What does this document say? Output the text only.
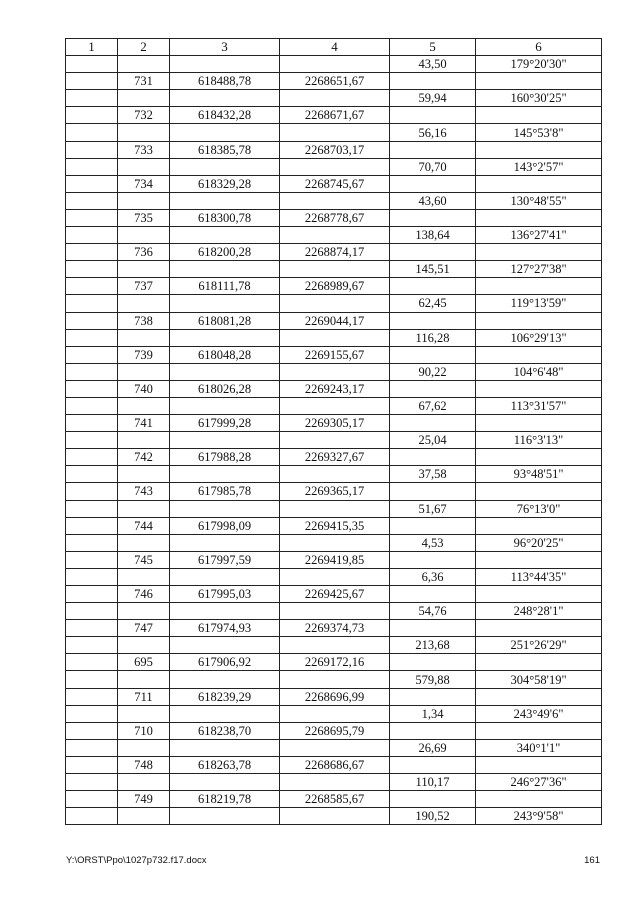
1	2	3	4	5	6
				43,50	179°20'30"
	731	618488,78	2268651,67		
				59,94	160°30'25"
	732	618432,28	2268671,67		
				56,16	145°53'8"
	733	618385,78	2268703,17		
				70,70	143°2'57"
	734	618329,28	2268745,67		
				43,60	130°48'55"
	735	618300,78	2268778,67		
				138,64	136°27'41"
	736	618200,28	2268874,17		
				145,51	127°27'38"
	737	618111,78	2268989,67		
				62,45	119°13'59"
	738	618081,28	2269044,17		
				116,28	106°29'13"
	739	618048,28	2269155,67		
				90,22	104°6'48"
	740	618026,28	2269243,17		
				67,62	113°31'57"
	741	617999,28	2269305,17		
				25,04	116°3'13"
	742	617988,28	2269327,67		
				37,58	93°48'51"
	743	617985,78	2269365,17		
				51,67	76°13'0"
	744	617998,09	2269415,35		
				4,53	96°20'25"
	745	617997,59	2269419,85		
				6,36	113°44'35"
	746	617995,03	2269425,67		
				54,76	248°28'1"
	747	617974,93	2269374,73		
				213,68	251°26'29"
	695	617906,92	2269172,16		
				579,88	304°58'19"
	711	618239,29	2268696,99		
				1,34	243°49'6"
	710	618238,70	2268695,79		
				26,69	340°1'1"
	748	618263,78	2268686,67		
				110,17	246°27'36"
	749	618219,78	2268585,67		
				190,52	243°9'58"
Y:\ORST\Ppo\1027p732.f17.docx	161
